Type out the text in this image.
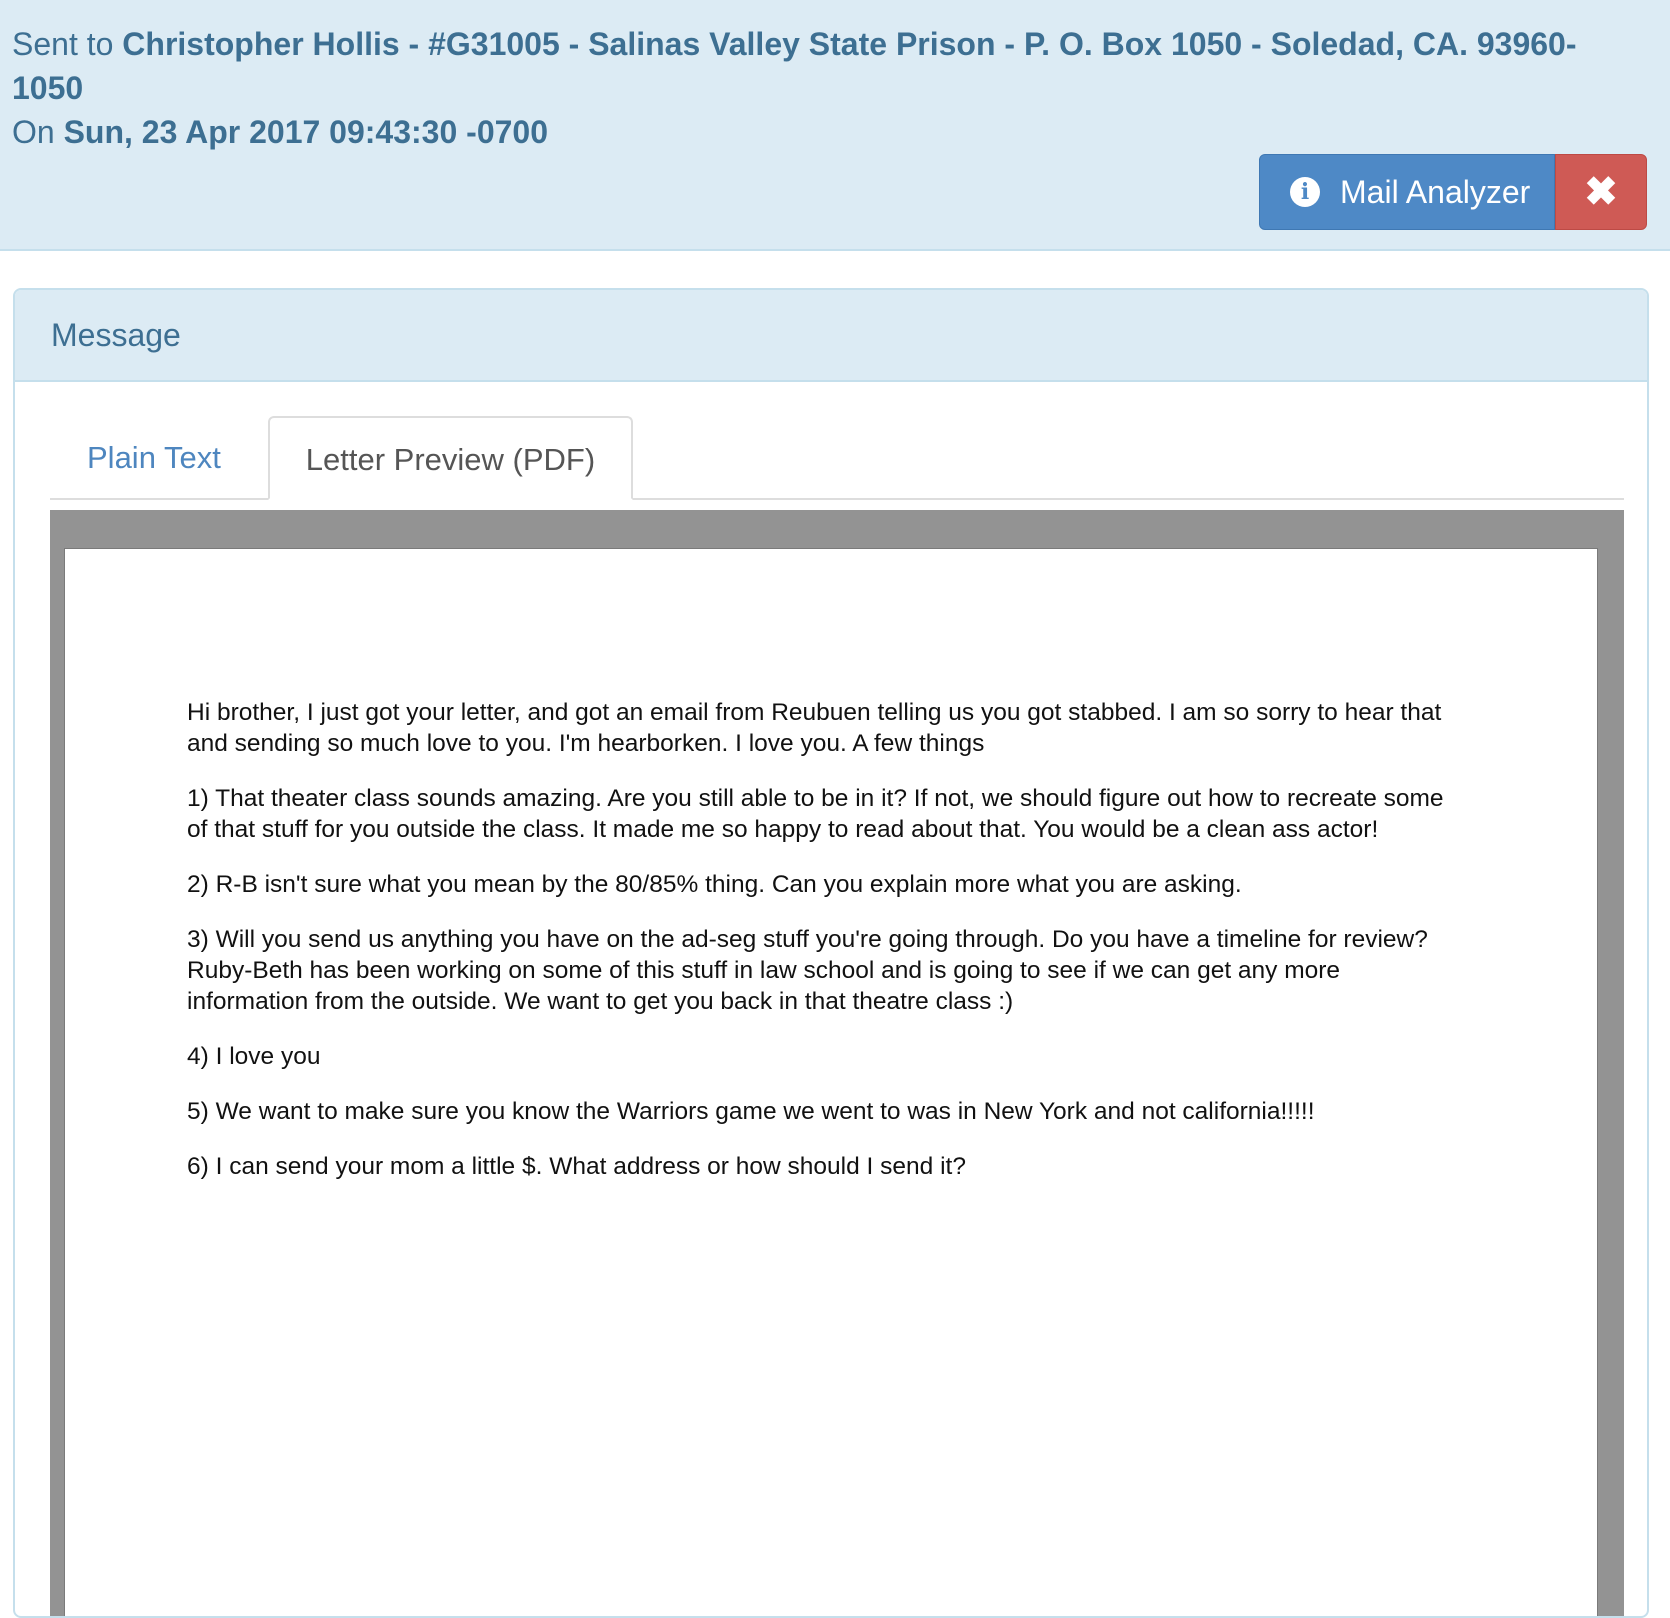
Sent to Christopher Hollis - #G31005 - Salinas Valley State Prison - P. O. Box 1050 - Soledad, CA. 93960-1050

On Sun, 23 Apr 2017 09:43:30 -0700

i Mail Analyzer ✖
Message
Plain Text	Letter Preview (PDF)

Hi brother, I just got your letter, and got an email from Reubuen telling us you got stabbed. I am so sorry to hear that and sending so much love to you. I'm hearborken. I love you. A few things

1) That theater class sounds amazing. Are you still able to be in it? If not, we should figure out how to recreate some of that stuff for you outside the class. It made me so happy to read about that. You would be a clean ass actor!

2) R-B isn't sure what you mean by the 80/85% thing. Can you explain more what you are asking.

3) Will you send us anything you have on the ad-seg stuff you're going through. Do you have a timeline for review? Ruby-Beth has been working on some of this stuff in law school and is going to see if we can get any more information from the outside. We want to get you back in that theatre class :)

4) I love you

5) We want to make sure you know the Warriors game we went to was in New York and not california!!!!!

6) I can send your mom a little $. What address or how should I send it?
